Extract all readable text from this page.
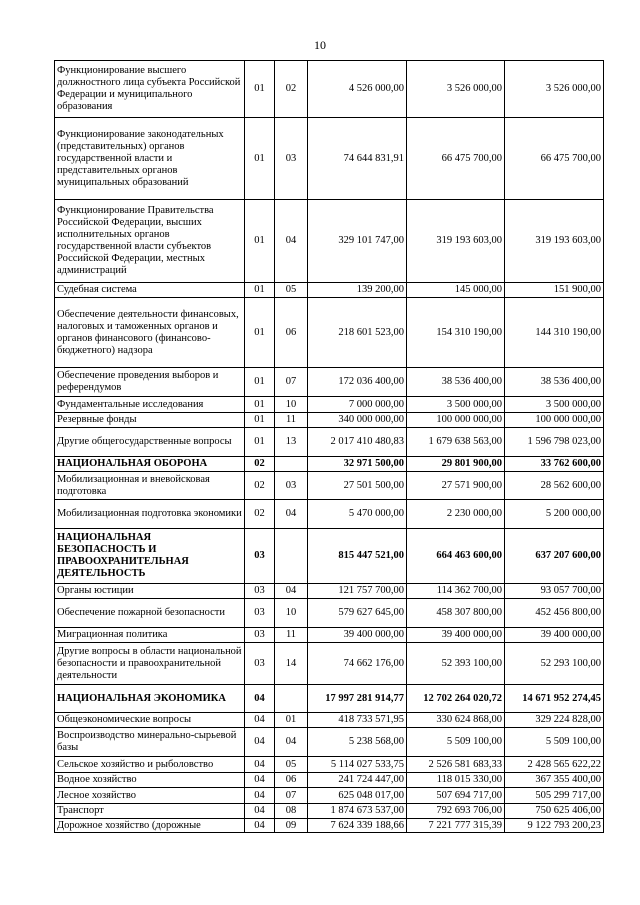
10
Функционирование высшего должностного лица субъекта Российской Федерации и муниципального образования	01	02	4 526 000,00	3 526 000,00	3 526 000,00
Функционирование законодательных (представительных) органов государственной власти и представительных органов муниципальных образований	01	03	74 644 831,91	66 475 700,00	66 475 700,00
Функционирование Правительства Российской Федерации, высших исполнительных органов государственной власти субъектов Российской Федерации, местных администраций	01	04	329 101 747,00	319 193 603,00	319 193 603,00
Судебная система	01	05	139 200,00	145 000,00	151 900,00
Обеспечение деятельности финансовых, налоговых и таможенных органов и органов финансового (финансово-бюджетного) надзора	01	06	218 601 523,00	154 310 190,00	144 310 190,00
Обеспечение проведения выборов и референдумов	01	07	172 036 400,00	38 536 400,00	38 536 400,00
Фундаментальные исследования	01	10	7 000 000,00	3 500 000,00	3 500 000,00
Резервные фонды	01	11	340 000 000,00	100 000 000,00	100 000 000,00
Другие общегосударственные вопросы	01	13	2 017 410 480,83	1 679 638 563,00	1 596 798 023,00
НАЦИОНАЛЬНАЯ ОБОРОНА	02		32 971 500,00	29 801 900,00	33 762 600,00
Мобилизационная и вневойсковая подготовка	02	03	27 501 500,00	27 571 900,00	28 562 600,00
Мобилизационная подготовка экономики	02	04	5 470 000,00	2 230 000,00	5 200 000,00
НАЦИОНАЛЬНАЯ БЕЗОПАСНОСТЬ И ПРАВООХРАНИТЕЛЬНАЯ ДЕЯТЕЛЬНОСТЬ	03		815 447 521,00	664 463 600,00	637 207 600,00
Органы юстиции	03	04	121 757 700,00	114 362 700,00	93 057 700,00
Обеспечение пожарной безопасности	03	10	579 627 645,00	458 307 800,00	452 456 800,00
Миграционная политика	03	11	39 400 000,00	39 400 000,00	39 400 000,00
Другие вопросы в области национальной безопасности и правоохранительной деятельности	03	14	74 662 176,00	52 393 100,00	52 293 100,00
НАЦИОНАЛЬНАЯ ЭКОНОМИКА	04		17 997 281 914,77	12 702 264 020,72	14 671 952 274,45
Общеэкономические вопросы	04	01	418 733 571,95	330 624 868,00	329 224 828,00
Воспроизводство минерально-сырьевой базы	04	04	5 238 568,00	5 509 100,00	5 509 100,00
Сельское хозяйство и рыболовство	04	05	5 114 027 533,75	2 526 581 683,33	2 428 565 622,22
Водное хозяйство	04	06	241 724 447,00	118 015 330,00	367 355 400,00
Лесное хозяйство	04	07	625 048 017,00	507 694 717,00	505 299 717,00
Транспорт	04	08	1 874 673 537,00	792 693 706,00	750 625 406,00
Дорожное хозяйство (дорожные	04	09	7 624 339 188,66	7 221 777 315,39	9 122 793 200,23
